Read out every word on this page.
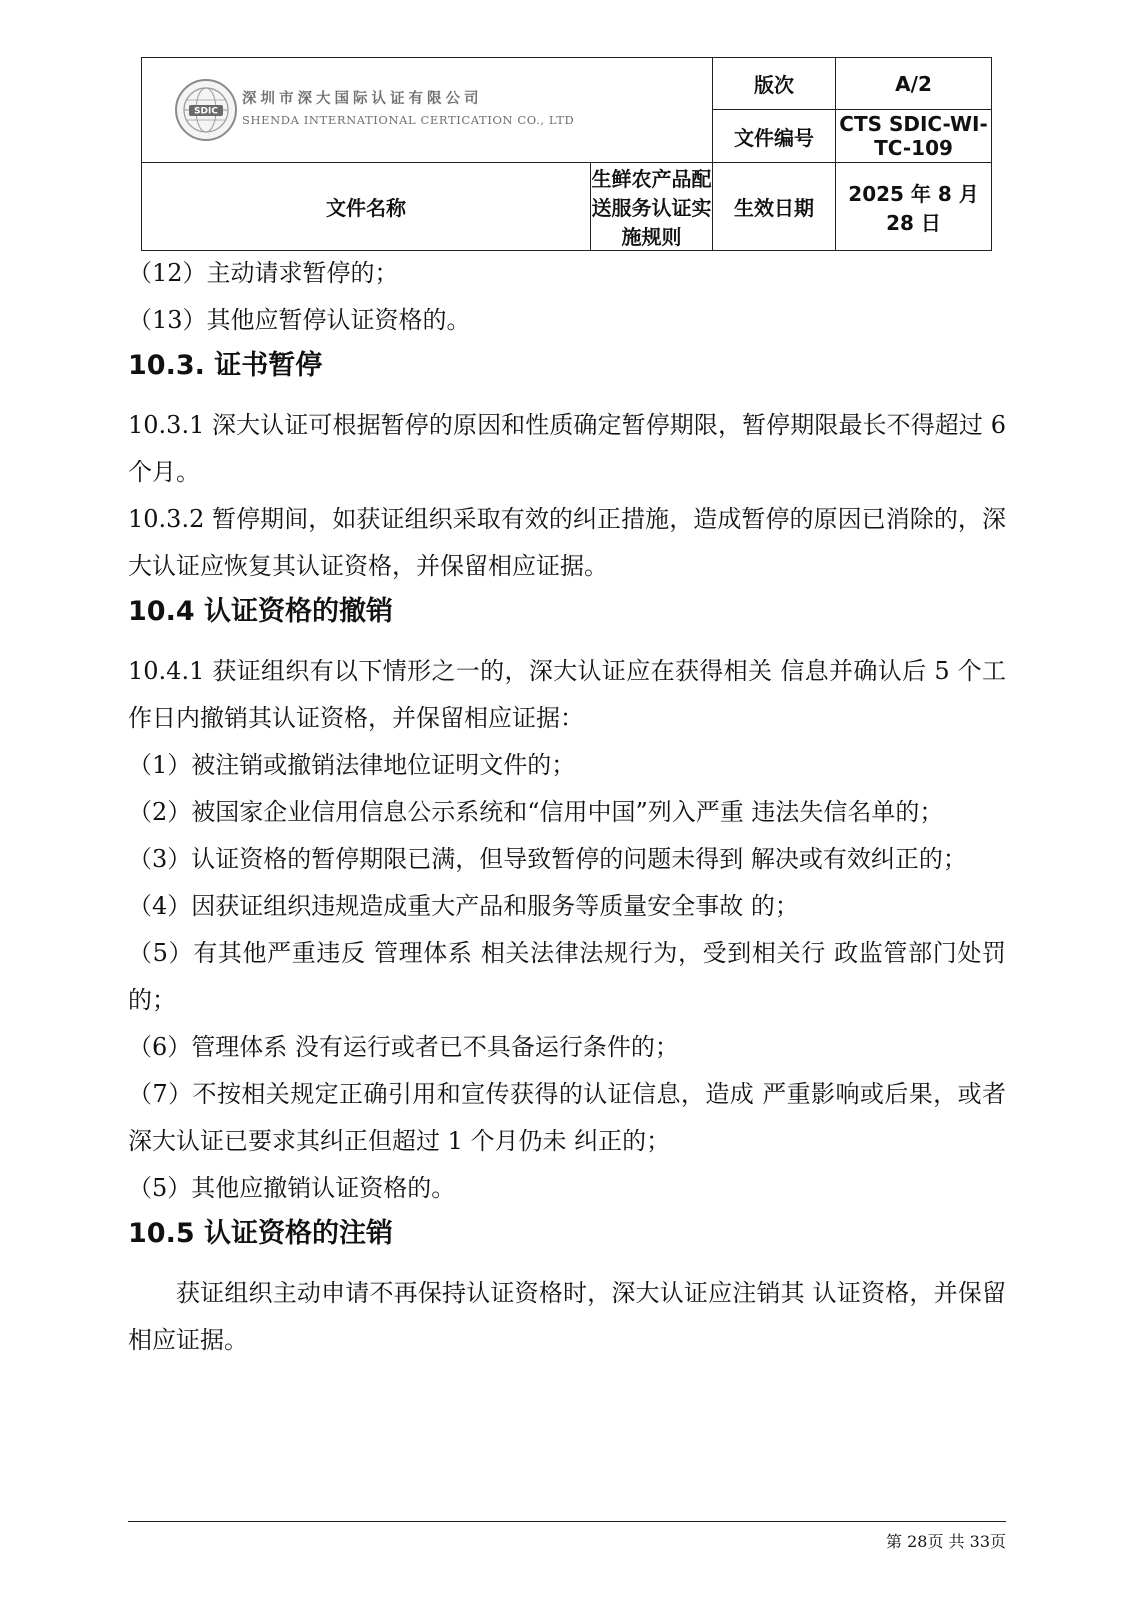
SDIC
深圳市深大国际认证有限公司
SHENDA INTERNATIONAL CERTICATION CO., LTD		版次	A/2
		文件编号	CTS SDIC-WI-TC-109
文件名称	生鲜农产品配送服务认证实施规则	生效日期	2025 年 8 月 28 日

（12）主动请求暂停的；

（13）其他应暂停认证资格的。

10.3. 证书暂停

10.3.1 深大认证可根据暂停的原因和性质确定暂停期限，暂停期限最长不得超过 6 个月。

10.3.2 暂停期间，如获证组织采取有效的纠正措施，造成暂停的原因已消除的，深大认证应恢复其认证资格，并保留相应证据。

10.4 认证资格的撤销

10.4.1 获证组织有以下情形之一的，深大认证应在获得相关 信息并确认后 5 个工作日内撤销其认证资格，并保留相应证据：

（1）被注销或撤销法律地位证明文件的；

（2）被国家企业信用信息公示系统和“信用中国”列入严重 违法失信名单的；

（3）认证资格的暂停期限已满，但导致暂停的问题未得到 解决或有效纠正的；

（4）因获证组织违规造成重大产品和服务等质量安全事故 的；

（5）有其他严重违反 管理体系 相关法律法规行为，受到相关行 政监管部门处罚的；

（6）管理体系 没有运行或者已不具备运行条件的；

（7）不按相关规定正确引用和宣传获得的认证信息，造成 严重影响或后果，或者深大认证已要求其纠正但超过 1 个月仍未 纠正的；

（5）其他应撤销认证资格的。

10.5 认证资格的注销

获证组织主动申请不再保持认证资格时，深大认证应注销其 认证资格，并保留相应证据。

第 28页 共 33页
